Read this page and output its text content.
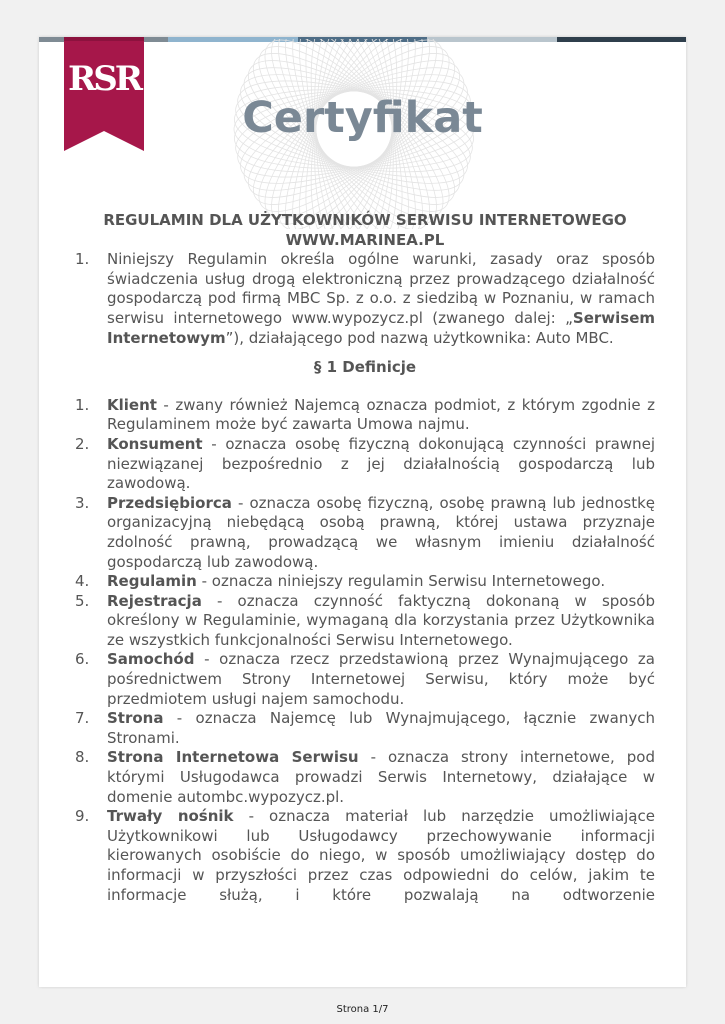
RSR
Certyfikat

REGULAMIN DLA UŻYTKOWNIKÓW SERWISU INTERNETOWEGO

WWW.MARINEA.PL

1.	Niniejszy Regulamin określa ogólne warunki, zasady oraz sposób świadczenia usług drogą elektroniczną przez prowadzącego działalność gospodarczą pod firmą MBC Sp. z o.o. z siedzibą w Poznaniu, w ramach serwisu internetowego www.wypozycz.pl (zwanego dalej: „Serwisem Internetowym”), działającego pod nazwą użytkownika: Auto MBC.

§ 1 Definicje

1.	Klient - zwany również Najemcą oznacza podmiot, z którym zgodnie z Regulaminem może być zawarta Umowa najmu.
2.	Konsument - oznacza osobę fizyczną dokonującą czynności prawnej niezwiązanej bezpośrednio z jej działalnością gospodarczą lub zawodową.
3.	Przedsiębiorca - oznacza osobę fizyczną, osobę prawną lub jednostkę organizacyjną niebędącą osobą prawną, której ustawa przyznaje zdolność prawną, prowadzącą we własnym imieniu działalność gospodarczą lub zawodową.
4.	Regulamin - oznacza niniejszy regulamin Serwisu Internetowego.
5.	Rejestracja - oznacza czynność faktyczną dokonaną w sposób określony w Regulaminie, wymaganą dla korzystania przez Użytkownika ze wszystkich funkcjonalności Serwisu Internetowego.
6.	Samochód - oznacza rzecz przedstawioną przez Wynajmującego za pośrednictwem Strony Internetowej Serwisu, który może być przedmiotem usługi najem samochodu.
7.	Strona - oznacza Najemcę lub Wynajmującego, łącznie zwanych Stronami.
8.	Strona Internetowa Serwisu - oznacza strony internetowe, pod którymi Usługodawca prowadzi Serwis Internetowy, działające w domenie autombc.wypozycz.pl.
9.	Trwały nośnik - oznacza materiał lub narzędzie umożliwiające Użytkownikowi lub Usługodawcy przechowywanie informacji kierowanych osobiście do niego, w sposób umożliwiający dostęp do informacji w przyszłości przez czas odpowiedni do celów, jakim te informacje służą, i które pozwalają na odtworzenie
Strona 1/7
